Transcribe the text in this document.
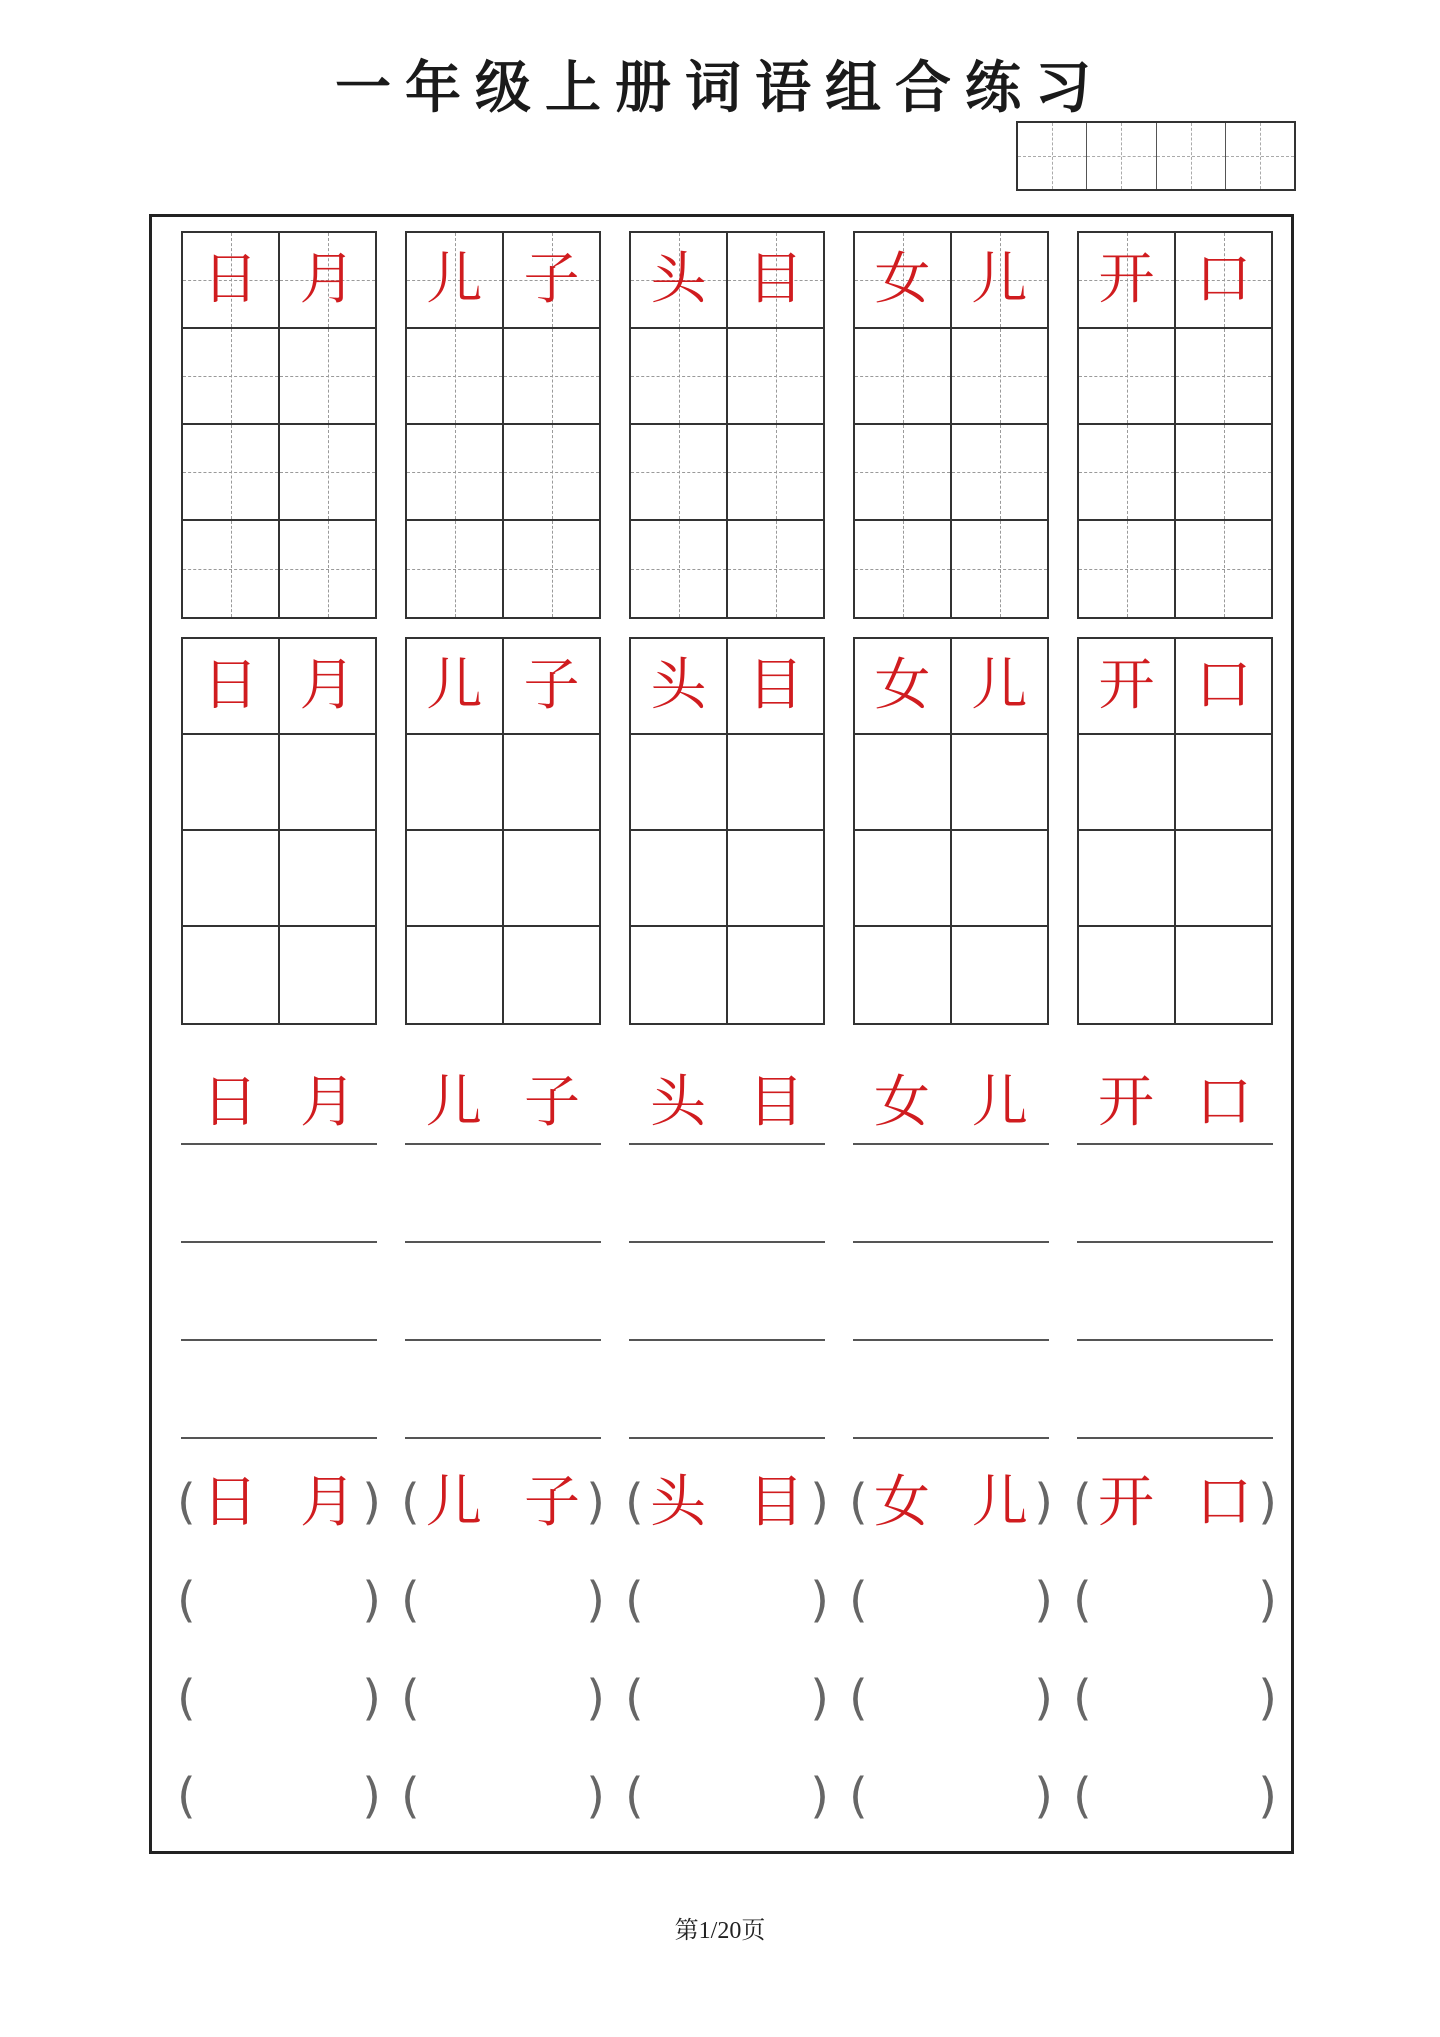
一年级上册词语组合练习
日 月
日 月
日 月
(	)
日 月
(	)
(	)
(	)
儿 子
儿 子
儿 子
(	)
儿 子
(	)
(	)
(	)
头 目
头 目
头 目
(	)
头 目
(	)
(	)
(	)
女 儿
女 儿
女 儿
(	)
女 儿
(	)
(	)
(	)
开 口
开 口
开 口
(	)
开 口
(	)
(	)
(	)
第1/20页
